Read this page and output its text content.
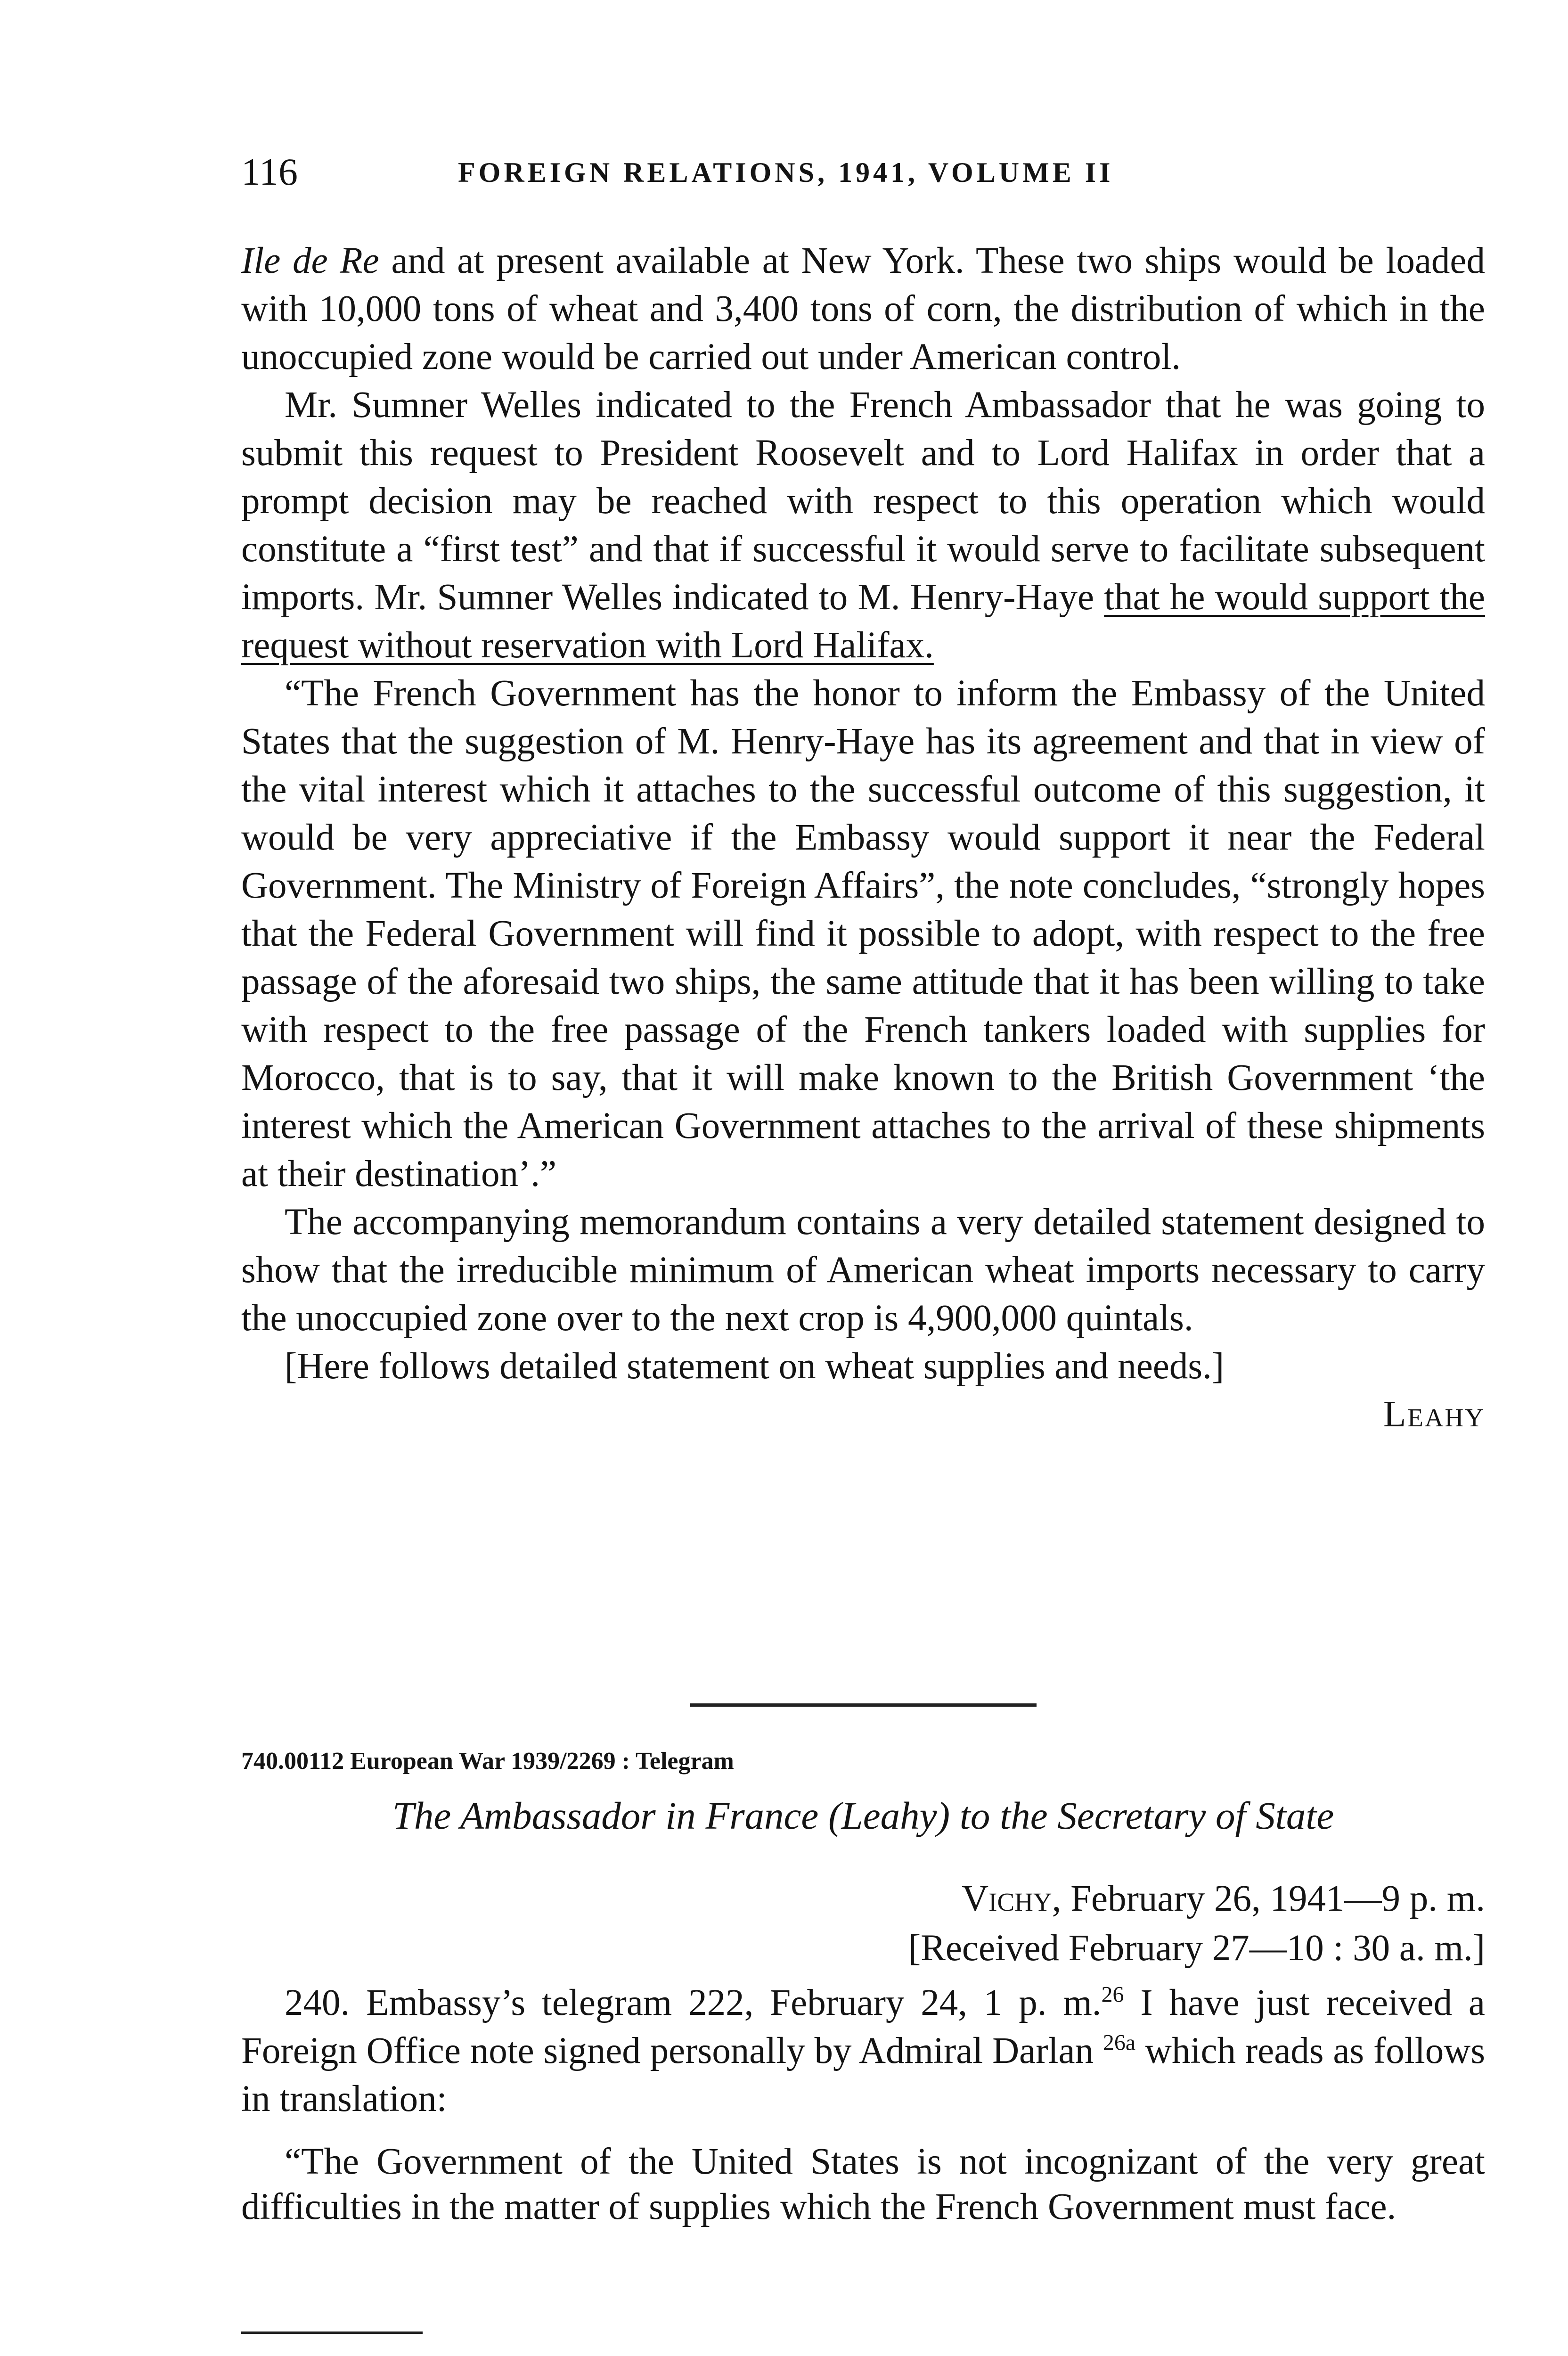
116	FOREIGN RELATIONS, 1941, VOLUME II

Ile de Re and at present available at New York. These two ships would be loaded with 10,000 tons of wheat and 3,400 tons of corn, the distribution of which in the unoccupied zone would be carried out under American control.

Mr. Sumner Welles indicated to the French Ambassador that he was going to submit this request to President Roosevelt and to Lord Halifax in order that a prompt decision may be reached with respect to this operation which would constitute a “first test” and that if successful it would serve to facilitate subsequent imports. Mr. Sumner Welles indicated to M. Henry-Haye that he would support the request without reservation with Lord Halifax.

“The French Government has the honor to inform the Embassy of the United States that the suggestion of M. Henry-Haye has its agreement and that in view of the vital interest which it attaches to the successful outcome of this suggestion, it would be very appreciative if the Embassy would support it near the Federal Government. The Ministry of Foreign Affairs”, the note concludes, “strongly hopes that the Federal Government will find it possible to adopt, with respect to the free passage of the aforesaid two ships, the same attitude that it has been willing to take with respect to the free passage of the French tankers loaded with supplies for Morocco, that is to say, that it will make known to the British Government ‘the interest which the American Government attaches to the arrival of these shipments at their destination’.”

The accompanying memorandum contains a very detailed statement designed to show that the irreducible minimum of American wheat imports necessary to carry the unoccupied zone over to the next crop is 4,900,000 quintals.

[Here follows detailed statement on wheat supplies and needs.]

Leahy
740.00112 European War 1939/2269 : Telegram
The Ambassador in France (Leahy) to the Secretary of State
Vichy, February 26, 1941—9 p. m.
[Received February 27—10 : 30 a. m.]

240. Embassy’s telegram 222, February 24, 1 p. m.$^{26}$ I have just received a Foreign Office note signed personally by Admiral Darlan $^{26a}$ which reads as follows in translation:

“The Government of the United States is not incognizant of the very great difficulties in the matter of supplies which the French Government must face.
